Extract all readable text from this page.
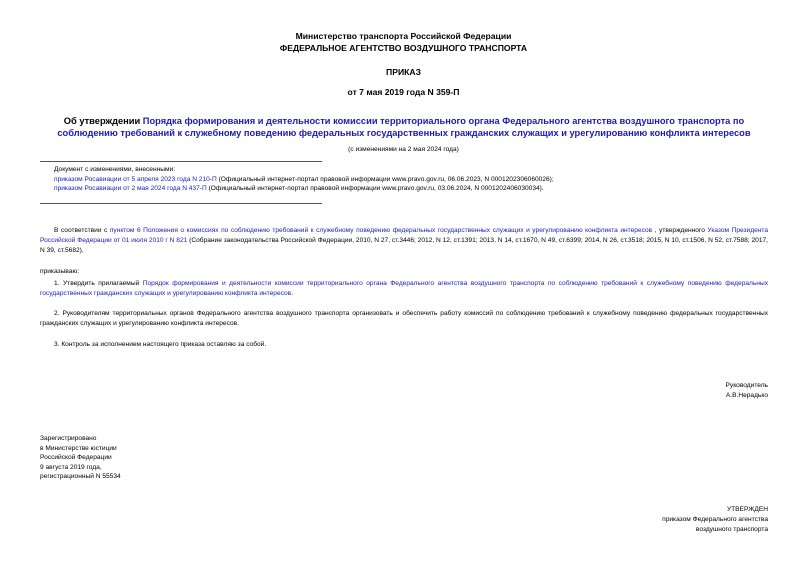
Министерство транспорта Российской Федерации
ФЕДЕРАЛЬНОЕ АГЕНТСТВО ВОЗДУШНОГО ТРАНСПОРТА
ПРИКАЗ
от 7 мая 2019 года N 359-П
Об утверждении Порядка формирования и деятельности комиссии территориального органа Федерального агентства воздушного транспорта по соблюдению требований к служебному поведению федеральных государственных гражданских служащих и урегулированию конфликта интересов
(с изменениями на 2 мая 2024 года)
Документ с изменениями, внесенными:
приказом Росавиации от 5 апреля 2023 года N 210-П (Официальный интернет-портал правовой информации www.pravo.gov.ru, 06.06.2023, N 0001202306060026);
приказом Росавиации от 2 мая 2024 года N 437-П (Официальный интернет-портал правовой информации www.pravo.gov.ru, 03.06.2024, N 0001202406030034).
В соответствии с пунктом 6 Положения о комиссиях по соблюдению требований к служебному поведению федеральных государственных служащих и урегулированию конфликта интересов , утвержденного Указом Президента Российской Федерации от 01 июля 2010 г N 821 (Собрание законодательства Российской Федерации, 2010, N 27, ст.3446; 2012, N 12, ст.1391; 2013, N 14, ст.1670, N 49, ст.6399; 2014, N 26, ст.3518; 2015, N 10, ст.1506, N 52, ст.7588; 2017, N 39, ст.5682),
приказываю:
1. Утвердить прилагаемый Порядок формирования и деятельности комиссии территориального органа Федерального агентства воздушного транспорта по соблюдению требований к служебному поведению федеральных государственных гражданских служащих и урегулированию конфликта интересов.
2. Руководителям территориальных органов Федерального агентства воздушного транспорта организовать и обеспечить работу комиссий по соблюдению требований к служебному поведению федеральных государственных гражданских служащих и урегулированию конфликта интересов.
3. Контроль за исполнением настоящего приказа оставляю за собой.
Руководитель
А.В.Нерадько
Зарегистрировано
в Министерстве юстиции
Российской Федерации
9 августа 2019 года,
регистрационный N 55534
УТВЕРЖДЕН
приказом Федерального агентства
воздушного транспорта
